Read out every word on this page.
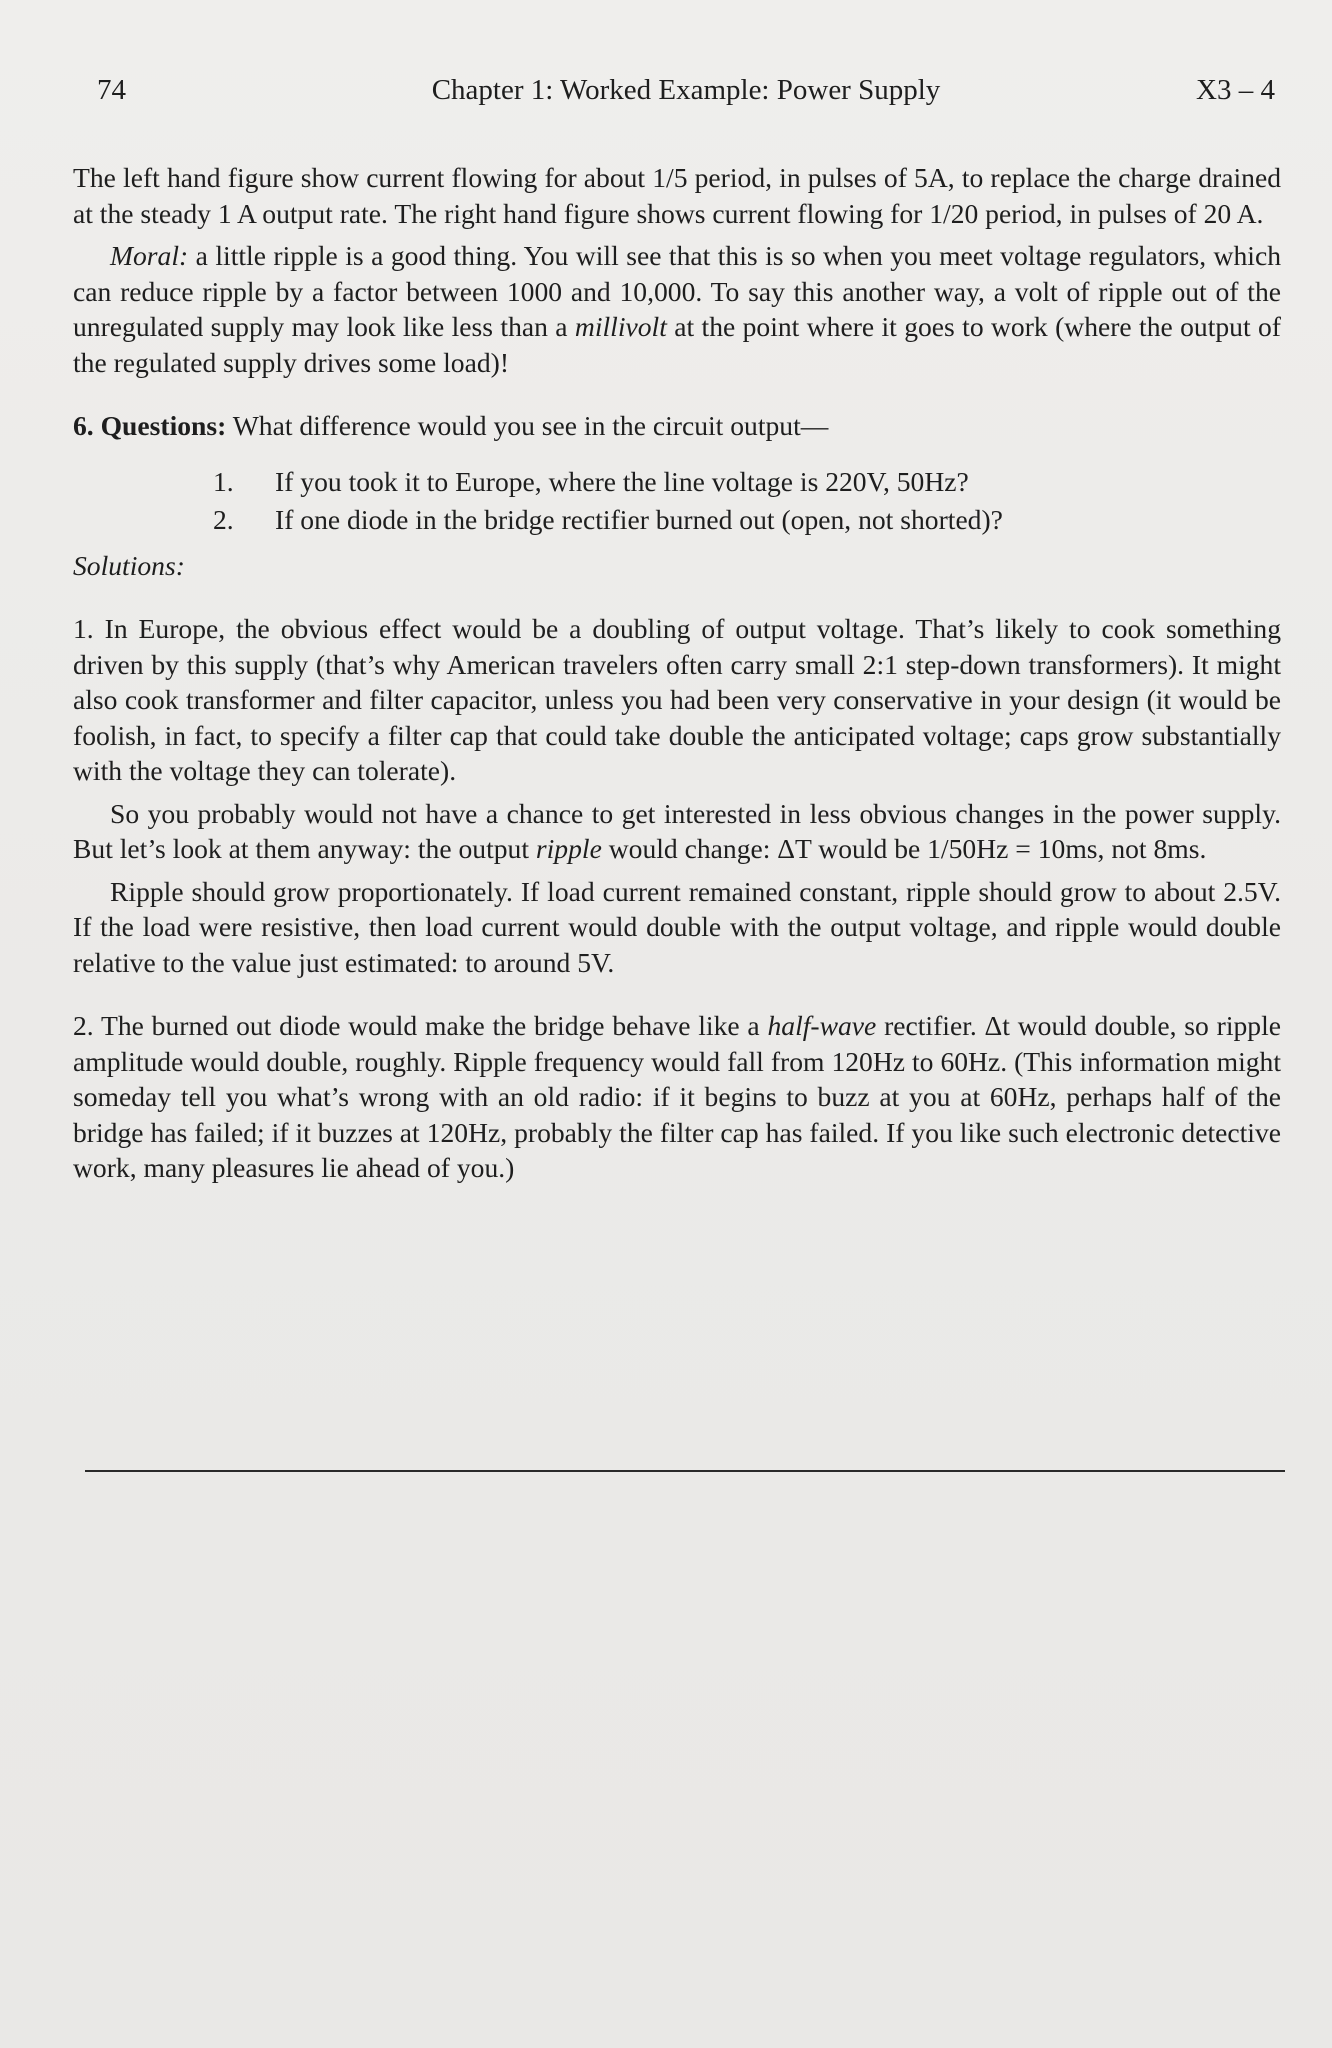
74	Chapter 1: Worked Example: Power Supply	X3 – 4

The left hand figure show current flowing for about 1/5 period, in pulses of 5A, to replace the charge drained at the steady 1 A output rate. The right hand figure shows current flowing for 1/20 period, in pulses of 20 A.

Moral: a little ripple is a good thing. You will see that this is so when you meet voltage regulators, which can reduce ripple by a factor between 1000 and 10,000. To say this another way, a volt of ripple out of the unregulated supply may look like less than a millivolt at the point where it goes to work (where the output of the regulated supply drives some load)!

6. Questions: What difference would you see in the circuit output—

1. If you took it to Europe, where the line voltage is 220V, 50Hz?
2. If one diode in the bridge rectifier burned out (open, not shorted)?

Solutions:

1. In Europe, the obvious effect would be a doubling of output voltage. That’s likely to cook something driven by this supply (that’s why American travelers often carry small 2:1 step-down transformers). It might also cook transformer and filter capacitor, unless you had been very conservative in your design (it would be foolish, in fact, to specify a filter cap that could take double the anticipated voltage; caps grow substantially with the voltage they can tolerate).

So you probably would not have a chance to get interested in less obvious changes in the power supply. But let’s look at them anyway: the output ripple would change: ΔT would be 1/50Hz = 10ms, not 8ms.

Ripple should grow proportionately. If load current remained constant, ripple should grow to about 2.5V. If the load were resistive, then load current would double with the output voltage, and ripple would double relative to the value just estimated: to around 5V.

2. The burned out diode would make the bridge behave like a half-wave rectifier. Δt would double, so ripple amplitude would double, roughly. Ripple frequency would fall from 120Hz to 60Hz. (This information might someday tell you what’s wrong with an old radio: if it begins to buzz at you at 60Hz, perhaps half of the bridge has failed; if it buzzes at 120Hz, probably the filter cap has failed. If you like such electronic detective work, many pleasures lie ahead of you.)
